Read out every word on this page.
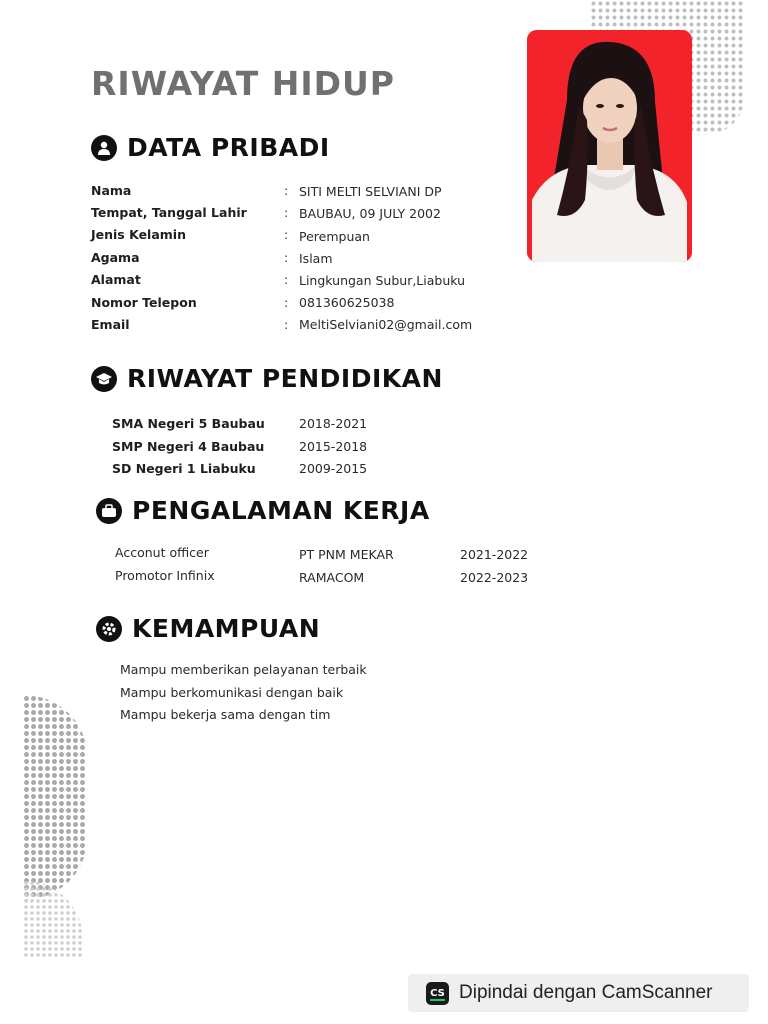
RIWAYAT HIDUP
DATA PRIBADI
Nama	: SITI MELTI SELVIANI DP
Tempat, Tanggal Lahir	: BAUBAU, 09 JULY 2002
Jenis Kelamin	: Perempuan
Agama	: Islam
Alamat	: Lingkungan Subur,Liabuku
Nomor Telepon	: 081360625038
Email	: MeltiSelviani02@gmail.com
RIWAYAT PENDIDIKAN
SMA Negeri 5 Baubau	2018-2021
SMP Negeri 4 Baubau	2015-2018
SD Negeri 1 Liabuku	2009-2015
PENGALAMAN KERJA
Acconut officer	PT PNM MEKAR	2021-2022
Promotor Infinix	RAMACOM	2022-2023
KEMAMPUAN
Mampu memberikan pelayanan terbaik
Mampu berkomunikasi dengan baik
Mampu bekerja sama dengan tim
CS Dipindai dengan CamScanner
